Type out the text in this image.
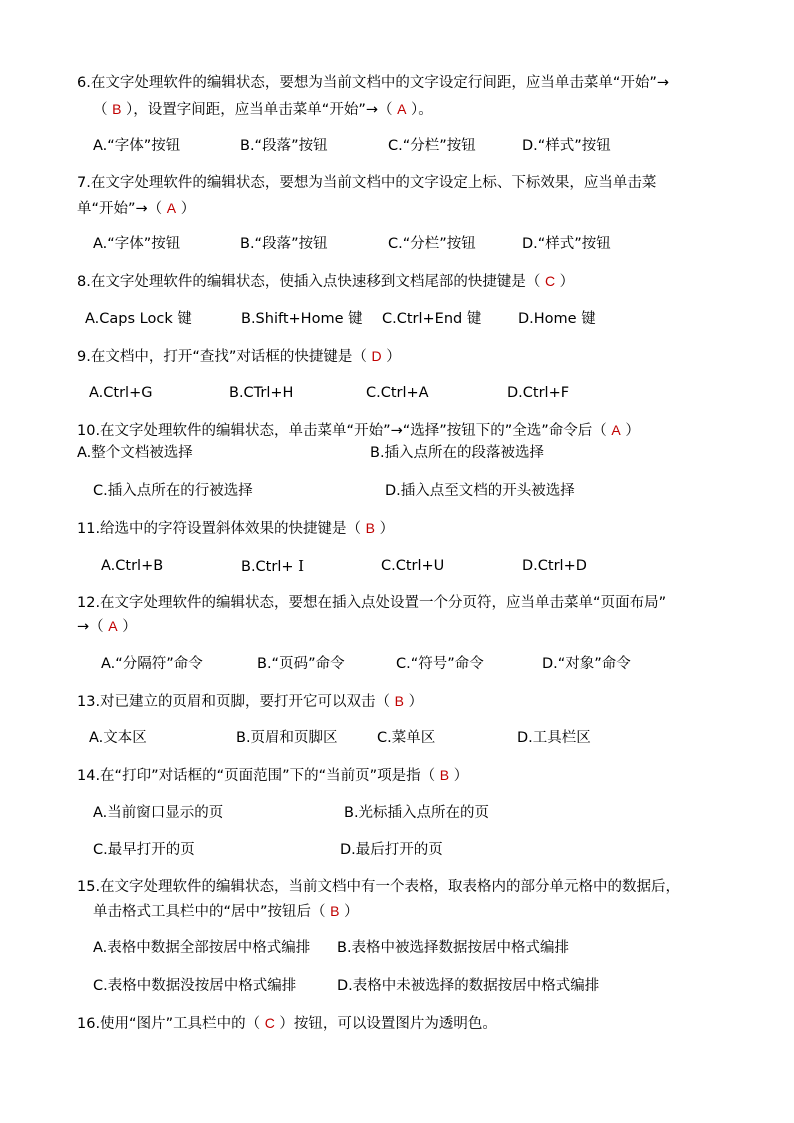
6.在文字处理软件的编辑状态，要想为当前文档中的文字设定行间距，应当单击菜单“开始”→
（ B ），设置字间距，应当单击菜单“开始”→（ A ）。
A.“字体”按钮	B.“段落”按钮	C.“分栏”按钮	D.“样式”按钮
7.在文字处理软件的编辑状态，要想为当前文档中的文字设定上标、下标效果，应当单击菜
单“开始”→（ A ）
A.“字体”按钮	B.“段落”按钮	C.“分栏”按钮	D.“样式”按钮
8.在文字处理软件的编辑状态，使插入点快速移到文档尾部的快捷键是（ C ）
A.Caps Lock 键	B.Shift+Home 键 C.Ctrl+End 键	D.Home 键
9.在文档中，打开“查找”对话框的快捷键是（ D ）
A.Ctrl+G	B.CTrl+H	C.Ctrl+A	D.Ctrl+F
10.在文字处理软件的编辑状态，单击菜单“开始”→“选择”按钮下的”全选”命令后（ A ）
A.整个文档被选择	B.插入点所在的段落被选择
C.插入点所在的行被选择	D.插入点至文档的开头被选择
11.给选中的字符设置斜体效果的快捷键是（ B ）
A.Ctrl+B	B.Ctrl+ I	C.Ctrl+U	D.Ctrl+D
12.在文字处理软件的编辑状态，要想在插入点处设置一个分页符，应当单击菜单“页面布局”
→（ A ）
A.“分隔符”命令	B.“页码”命令	C.“符号”命令	D.“对象”命令
13.对已建立的页眉和页脚，要打开它可以双击（ B ）
A.文本区	B.页眉和页脚区	C.菜单区	D.工具栏区
14.在“打印”对话框的“页面范围”下的“当前页”项是指（ B ）
A.当前窗口显示的页	B.光标插入点所在的页
C.最早打开的页	D.最后打开的页
15.在文字处理软件的编辑状态，当前文档中有一个表格，取表格内的部分单元格中的数据后，
单击格式工具栏中的“居中”按钮后（ B ）
A.表格中数据全部按居中格式编排 B.表格中被选择数据按居中格式编排
C.表格中数据没按居中格式编排	D.表格中未被选择的数据按居中格式编排
16.使用“图片”工具栏中的（ C ）按钮，可以设置图片为透明色。
